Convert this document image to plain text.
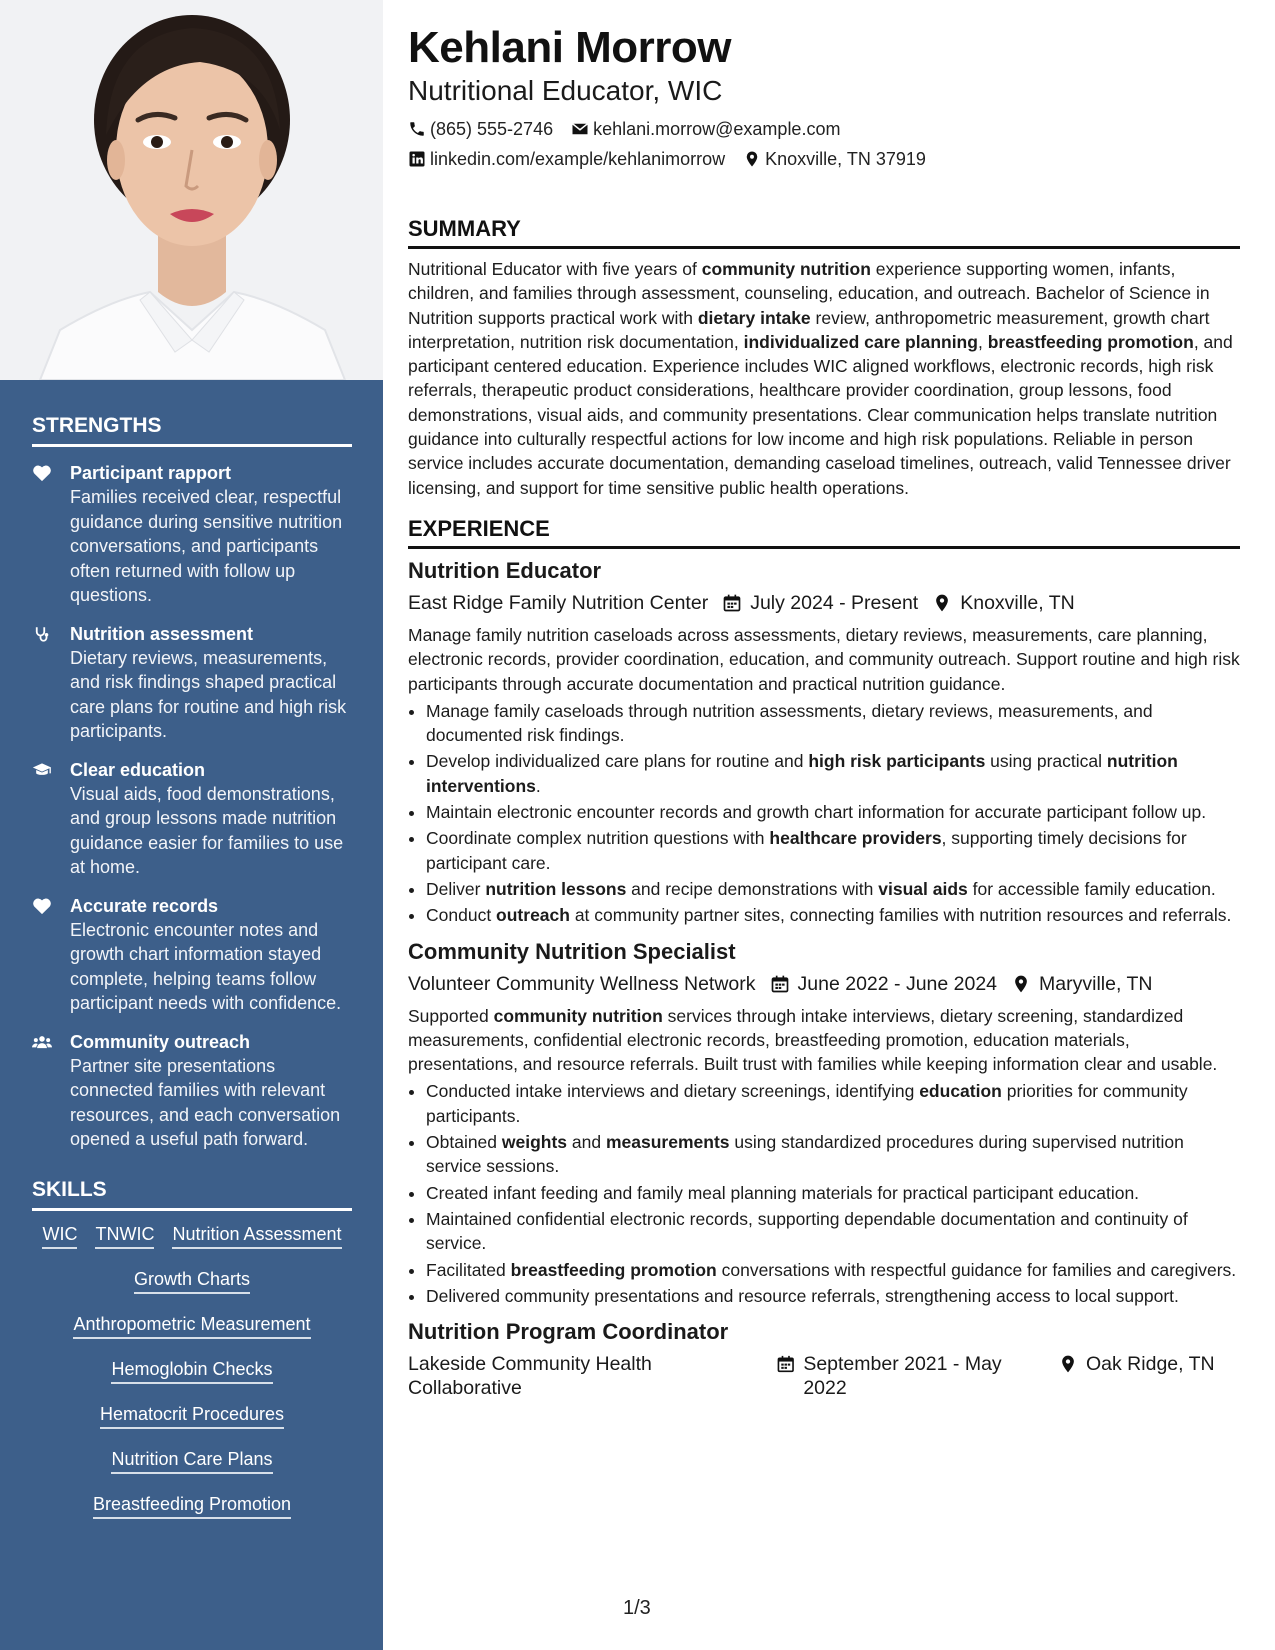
STRENGTHS
Participant rapport
Families received clear, respectful guidance during sensitive nutrition conversations, and participants often returned with follow up questions.
Nutrition assessment
Dietary reviews, measurements, and risk findings shaped practical care plans for routine and high risk participants.
Clear education
Visual aids, food demonstrations, and group lessons made nutrition guidance easier for families to use at home.
Accurate records
Electronic encounter notes and growth chart information stayed complete, helping teams follow participant needs with confidence.
Community outreach
Partner site presentations connected families with relevant resources, and each conversation opened a useful path forward.
SKILLS
WIC TNWIC Nutrition Assessment
Growth Charts
Anthropometric Measurement
Hemoglobin Checks
Hematocrit Procedures
Nutrition Care Plans
Breastfeeding Promotion
Kehlani Morrow
Nutritional Educator, WIC
(865) 555-2746 kehlani.morrow@example.com
linkedin.com/example/kehlanimorrow Knoxville, TN 37919
SUMMARY
Nutritional Educator with five years of community nutrition experience supporting women, infants, children, and families through assessment, counseling, education, and outreach. Bachelor of Science in Nutrition supports practical work with dietary intake review, anthropometric measurement, growth chart interpretation, nutrition risk documentation, individualized care planning, breastfeeding promotion, and participant centered education. Experience includes WIC aligned workflows, electronic records, high risk referrals, therapeutic product considerations, healthcare provider coordination, group lessons, food demonstrations, visual aids, and community presentations. Clear communication helps translate nutrition guidance into culturally respectful actions for low income and high risk populations. Reliable in person service includes accurate documentation, demanding caseload timelines, outreach, valid Tennessee driver licensing, and support for time sensitive public health operations.
EXPERIENCE
Nutrition Educator
East Ridge Family Nutrition Center July 2024 - Present Knoxville, TN
Manage family nutrition caseloads across assessments, dietary reviews, measurements, care planning, electronic records, provider coordination, education, and community outreach. Support routine and high risk participants through accurate documentation and practical nutrition guidance.
• Manage family caseloads through nutrition assessments, dietary reviews, measurements, and documented risk findings.
• Develop individualized care plans for routine and high risk participants using practical nutrition interventions.
• Maintain electronic encounter records and growth chart information for accurate participant follow up.
• Coordinate complex nutrition questions with healthcare providers, supporting timely decisions for participant care.
• Deliver nutrition lessons and recipe demonstrations with visual aids for accessible family education.
• Conduct outreach at community partner sites, connecting families with nutrition resources and referrals.
Community Nutrition Specialist
Volunteer Community Wellness Network June 2022 - June 2024 Maryville, TN
Supported community nutrition services through intake interviews, dietary screening, standardized measurements, confidential electronic records, breastfeeding promotion, education materials, presentations, and resource referrals. Built trust with families while keeping information clear and usable.
• Conducted intake interviews and dietary screenings, identifying education priorities for community participants.
• Obtained weights and measurements using standardized procedures during supervised nutrition service sessions.
• Created infant feeding and family meal planning materials for practical participant education.
• Maintained confidential electronic records, supporting dependable documentation and continuity of service.
• Facilitated breastfeeding promotion conversations with respectful guidance for families and caregivers.
• Delivered community presentations and resource referrals, strengthening access to local support.
Nutrition Program Coordinator
Lakeside Community Health Collaborative
September 2021 - May 2022
Oak Ridge, TN
1/3
